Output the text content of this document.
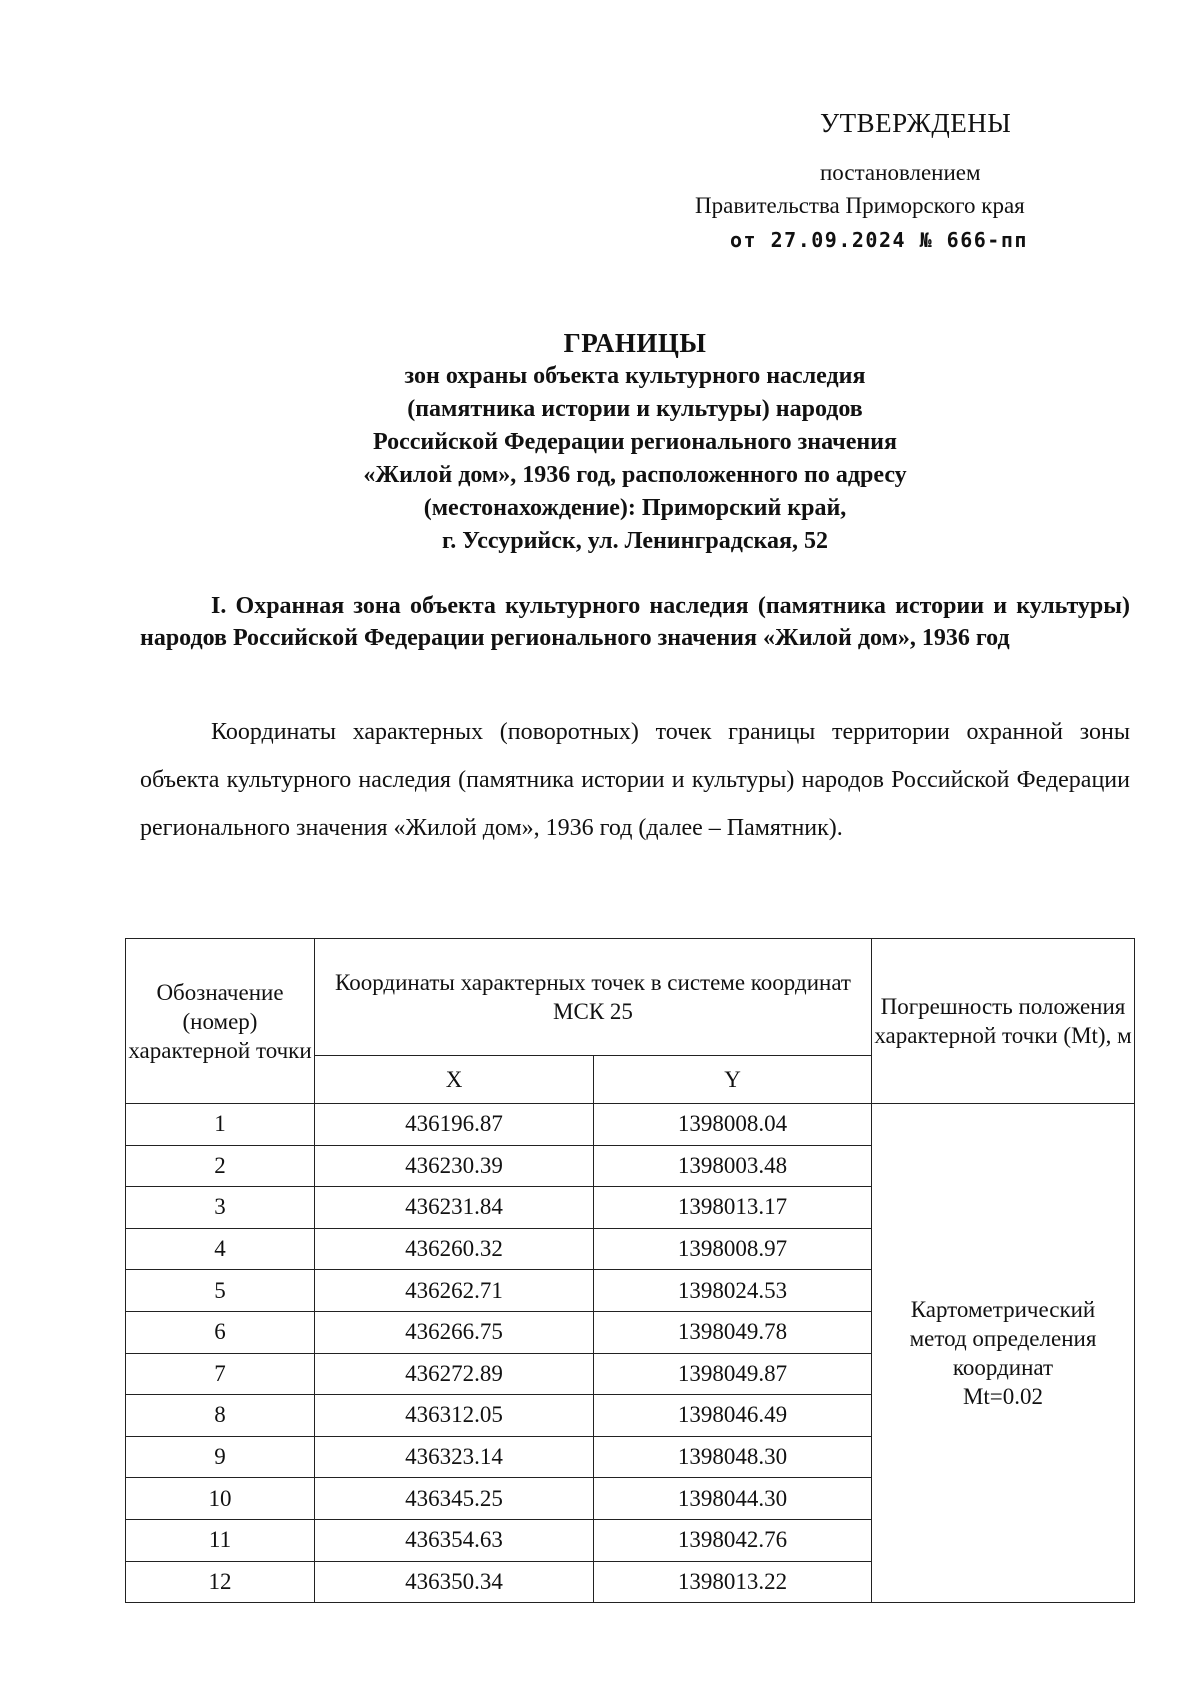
УТВЕРЖДЕНЫ
постановлением
Правительства Приморского края
от 27.09.2024 № 666-пп
ГРАНИЦЫ
зон охраны объекта культурного наследия
(памятника истории и культуры) народов
Российской Федерации регионального значения
«Жилой дом», 1936 год, расположенного по адресу
(местонахождение): Приморский край,
г. Уссурийск, ул. Ленинградская, 52
I. Охранная зона объекта культурного наследия (памятника истории и культуры) народов Российской Федерации регионального значения «Жилой дом», 1936 год
Координаты характерных (поворотных) точек границы территории охранной зоны объекта культурного наследия (памятника истории и культуры) народов Российской Федерации регионального значения «Жилой дом», 1936 год (далее – Памятник).
Обозначение (номер) характерной точки	Координаты характерных точек в системе координат МСК 25		Погрешность положения характерной точки (Mt), м
	X	Y	
1	436196.87	1398008.04	Картометрический
метод определения
координат
Mt=0.02

2	436230.39	1398003.48	
3	436231.84	1398013.17	
4	436260.32	1398008.97	
5	436262.71	1398024.53	
6	436266.75	1398049.78	
7	436272.89	1398049.87	
8	436312.05	1398046.49	
9	436323.14	1398048.30	
10	436345.25	1398044.30	
11	436354.63	1398042.76	
12	436350.34	1398013.22	
